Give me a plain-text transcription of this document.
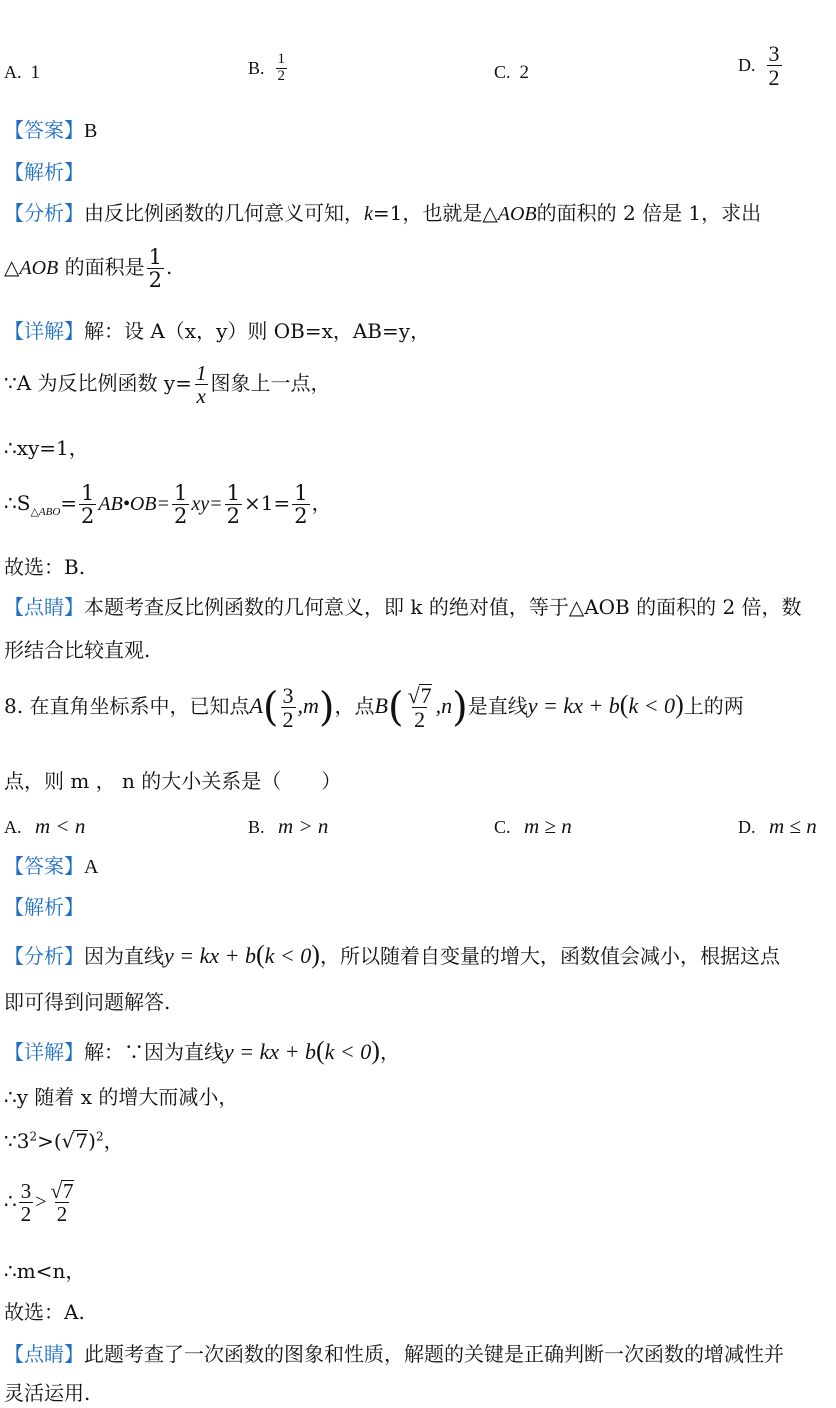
A. 1	B. $\frac{1}{2}$	C. 2	D. $\frac{3}{2}$
【答案】B
【解析】
【分析】由反比例函数的几何意义可知，k=1，也就是△AOB的面积的 2 倍是 1，求出
△AOB 的面积是 $\frac{1}{2}$ .
【详解】解：设 A（x，y）则 OB=x，AB=y，
∵A 为反比例函数 $y= \frac{1}{x}$ 图象上一点，
∴xy=1，
$\therefore S_{\triangle ABO}= \frac{1}{2}$ AB•OB= $\frac{1}{2} xy= \frac{1}{2} \times 1= \frac{1}{2}$ ，
故选：B.
【点睛】本题考查反比例函数的几何意义，即 k 的绝对值，等于△AOB 的面积的 2 倍，数
形结合比较直观.
8. 在直角坐标系中，已知点$A( \frac{3}{2} ,m)$，点$B( \frac{√7}{2} ,n)$是直线y = kx + b(k < 0)上的两
点，则 m ， n 的大小关系是（　　）
A. m < n	B. m > n	C. m ≥ n	D. m ≤ n
【答案】A
【解析】
【分析】因为直线y = kx + b(k < 0)，所以随着自变量的增大，函数值会减小，根据这点
即可得到问题解答.
【详解】解：∵因为直线y = kx + b(k < 0)，
∴y 随着 x 的增大而减小，
$\because 3^2>(√7)^2$，
∴ $\frac{3}{2} > \frac{√7}{2}$
∴m<n，
故选：A.
【点睛】此题考查了一次函数的图象和性质，解题的关键是正确判断一次函数的增减性并
灵活运用.
